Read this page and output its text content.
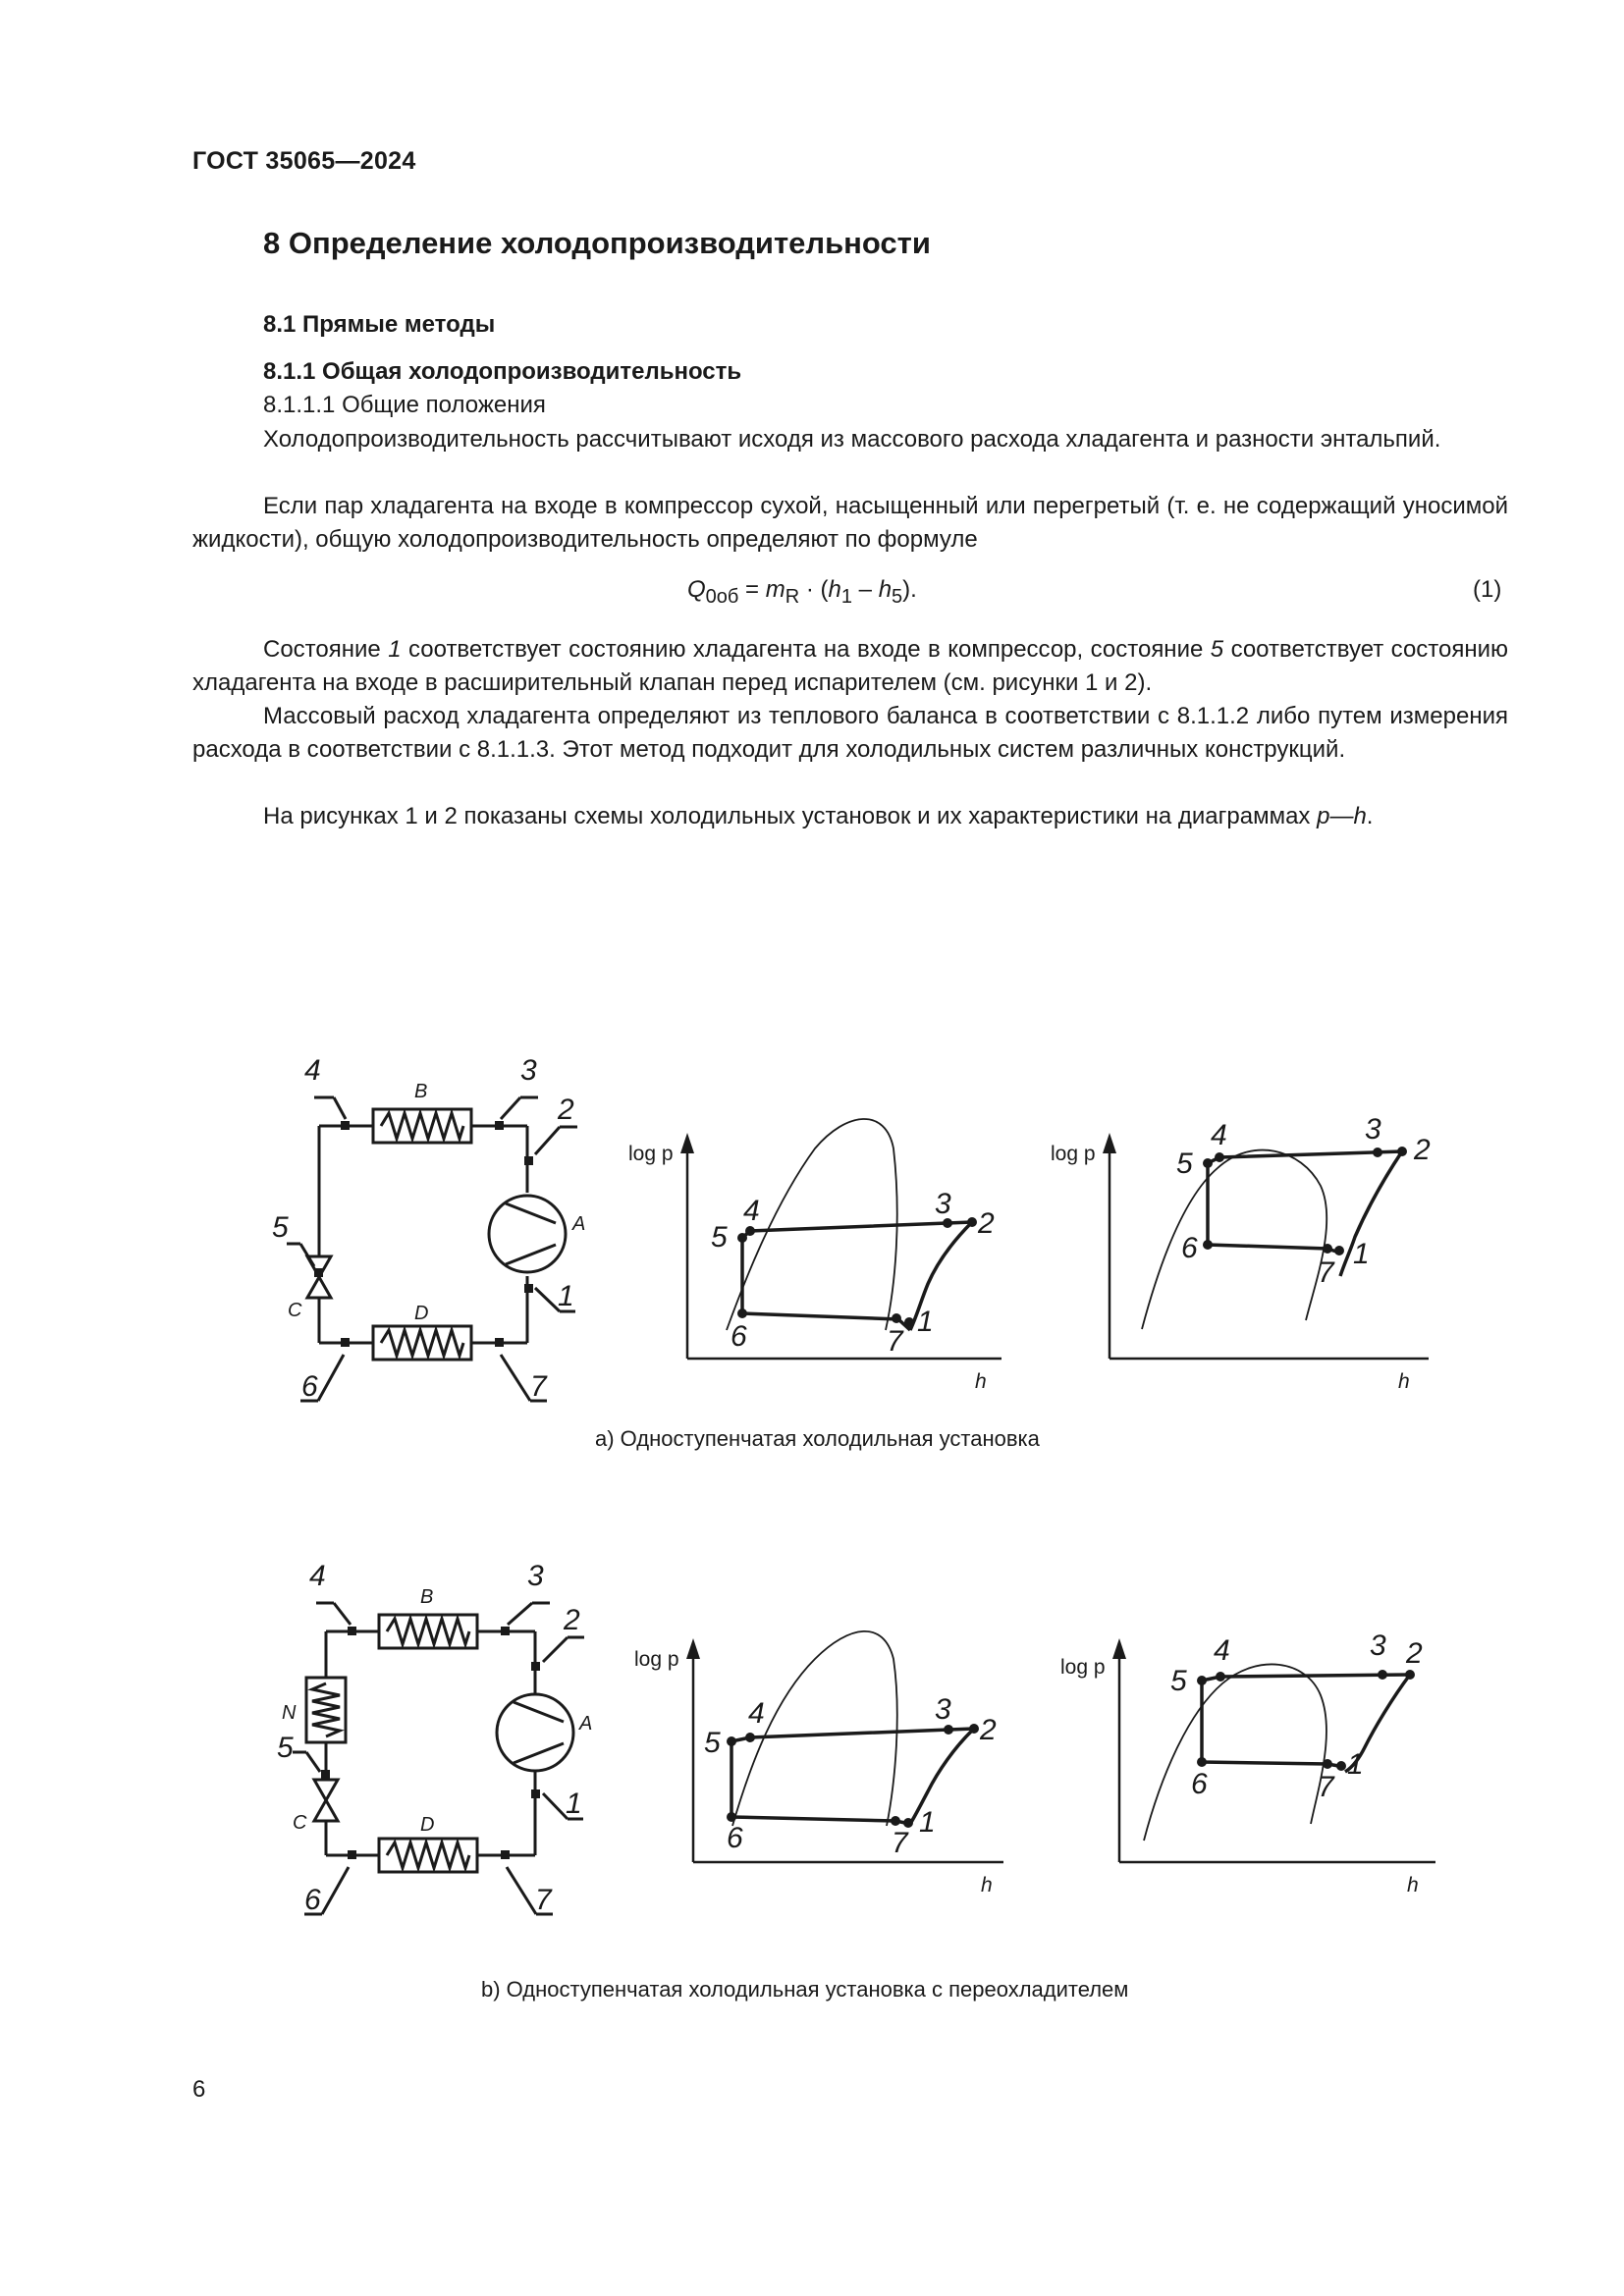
ГОСТ 35065—2024
8 Определение холодопроизводительности
8.1 Прямые методы
8.1.1 Общая холодопроизводительность
8.1.1.1 Общие положения
Холодопроизводительность рассчитывают исходя из массового расхода хладагента и разности энтальпий.
Если пар хладагента на входе в компрессор сухой, насыщенный или перегретый (т. е. не содержащий уносимой жидкости), общую холодопроизводительность определяют по формуле
$Q_{0об} = m_R \cdot (h_1 - h_5)$.	(1)
Состояние 1 соответствует состоянию хладагента на входе в компрессор, состояние 5 соответствует состоянию хладагента на входе в расширительный клапан перед испарителем (см. рисунки 1 и 2).
Массовый расход хладагента определяют из теплового баланса в соответствии с 8.1.1.2 либо путем измерения расхода в соответствии с 8.1.1.3. Этот метод подходит для холодильных систем различных конструкций.
На рисунках 1 и 2 показаны схемы холодильных установок и их характеристики на диаграммах p—h.
4	3
2
5
1
6	7
B
D
A
C
4
5
3
2
6	7
1
log p
h
4
5
3
2
6
7
1
log p
h
a) Одноступенчатая холодильная установка
4	3
2
5
1
6	7
B
D
A
C
N	4
5
3
2
6	7
1
log p
h
4
5
3 2
6	7
1
log p
h
b) Одноступенчатая холодильная установка с переохладителем
6
